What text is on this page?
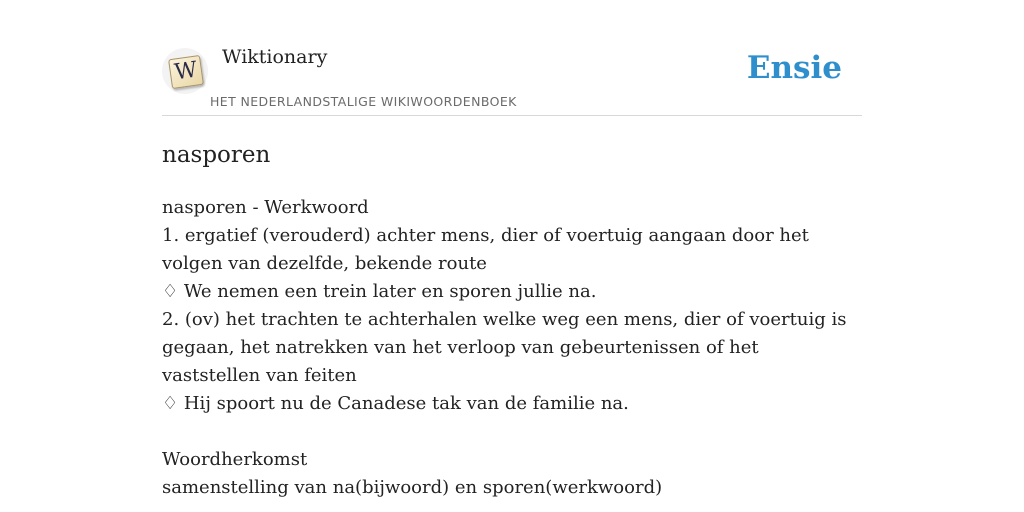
W
Wiktionary
HET NEDERLANDSTALIGE WIKIWOORDENBOEK
Ensie
nasporen

nasporen - Werkwoord

1. ergatief (verouderd) achter mens, dier of voertuig aangaan door het volgen van dezelfde, bekende route

♢ We nemen een trein later en sporen jullie na.

2. (ov) het trachten te achterhalen welke weg een mens, dier of voertuig is gegaan, het natrekken van het verloop van gebeurtenissen of het vaststellen van feiten

♢ Hij spoort nu de Canadese tak van de familie na.

Woordherkomst

samenstelling van na(bijwoord) en sporen(werkwoord)
